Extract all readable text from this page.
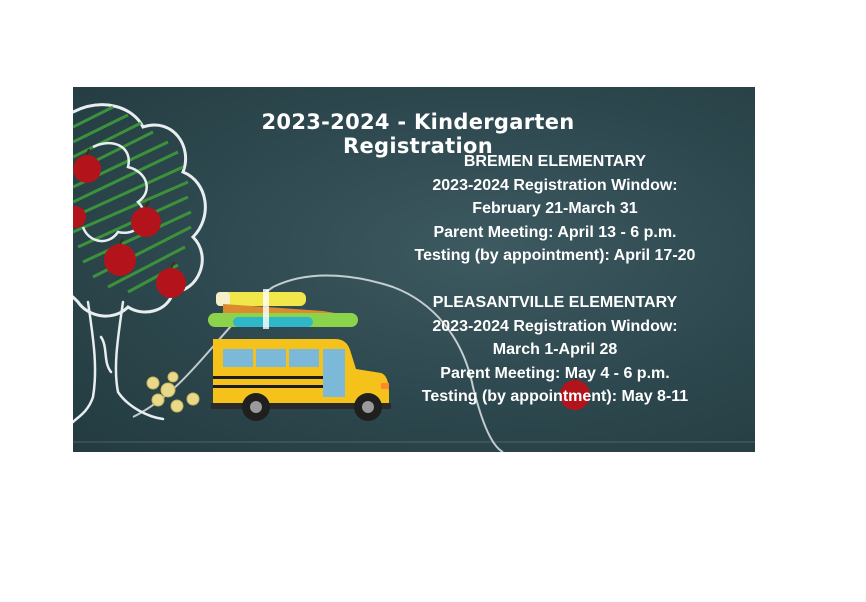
2023-2024 - Kindergarten Registration
BREMEN ELEMENTARY
2023-2024 Registration Window:
February 21-March 31
Parent Meeting: April 13 - 6 p.m.
Testing (by appointment): April 17-20
PLEASANTVILLE ELEMENTARY
2023-2024 Registration Window:
March 1-April 28
Parent Meeting: May 4 - 6 p.m.
Testing (by appointment): May 8-11
